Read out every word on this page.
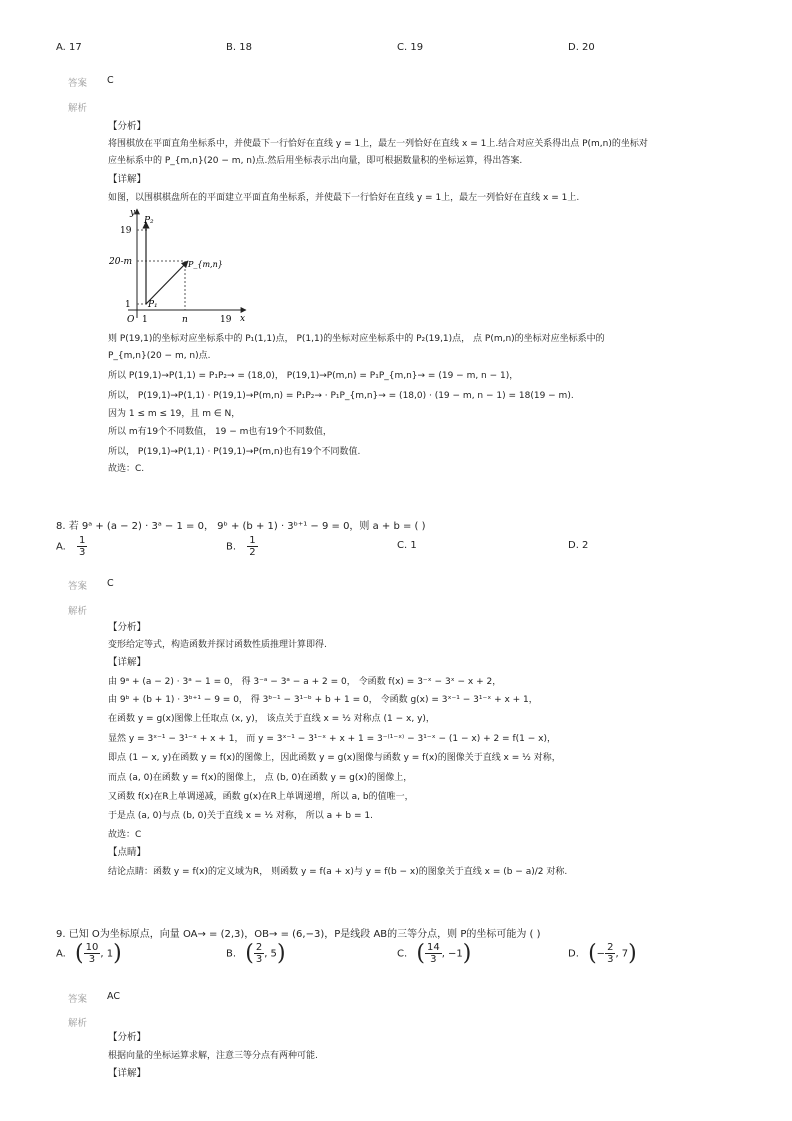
A. 17	B. 18	C. 19	D. 20
答案 C
解析
【分析】
将围棋放在平面直角坐标系中，并使最下一行恰好在直线 y = 1上，最左一列恰好在直线 x = 1上.结合对应关系得出点 P(m,n)的坐标对
应坐标系中的 P_{m,n}(20 − m, n)点.然后用坐标表示出向量，即可根据数量积的坐标运算，得出答案.
【详解】
如图，以围棋棋盘所在的平面建立平面直角坐标系，并使最下一行恰好在直线 y = 1上，最左一列恰好在直线 x = 1上.
y
x
O
19
20-m
1
1	n	19
P₂
P₁
P_{m,n}
则 P(19,1)的坐标对应坐标系中的 P₁(1,1)点， P(1,1)的坐标对应坐标系中的 P₂(19,1)点， 点 P(m,n)的坐标对应坐标系中的
P_{m,n}(20 − m, n)点.
所以 P(19,1)→P(1,1) = P₁P₂→ = (18,0)， P(19,1)→P(m,n) = P₁P_{m,n}→ = (19 − m, n − 1)，
所以， P(19,1)→P(1,1) · P(19,1)→P(m,n) = P₁P₂→ · P₁P_{m,n}→ = (18,0) · (19 − m, n − 1) = 18(19 − m).
因为 1 ≤ m ≤ 19，且 m ∈ N，
所以 m有19个不同数值， 19 − m也有19个不同数值，
所以， P(19,1)→P(1,1) · P(19,1)→P(m,n)也有19个不同数值.
故选：C.
8. 若 9ᵃ + (a − 2) · 3ᵃ − 1 = 0， 9ᵇ + (b + 1) · 3ᵇ⁺¹ − 9 = 0，则 a + b = ( )
A. $\frac{1}{3}$	B. $\frac{1}{2}$	C. 1	D. 2
答案 C
解析
【分析】
变形给定等式，构造函数并探讨函数性质推理计算即得.
【详解】
由 9ᵃ + (a − 2) · 3ᵃ − 1 = 0， 得 3⁻ᵃ − 3ᵃ − a + 2 = 0， 令函数 f(x) = 3⁻ˣ − 3ˣ − x + 2，
由 9ᵇ + (b + 1) · 3ᵇ⁺¹ − 9 = 0， 得 3ᵇ⁻¹ − 3¹⁻ᵇ + b + 1 = 0， 令函数 g(x) = 3ˣ⁻¹ − 3¹⁻ˣ + x + 1，
在函数 y = g(x)图像上任取点 (x, y)， 该点关于直线 x = ½ 对称点 (1 − x, y)，
显然 y = 3ˣ⁻¹ − 3¹⁻ˣ + x + 1， 而 y = 3ˣ⁻¹ − 3¹⁻ˣ + x + 1 = 3⁻⁽¹⁻ˣ⁾ − 3¹⁻ˣ − (1 − x) + 2 = f(1 − x)，
即点 (1 − x, y)在函数 y = f(x)的图像上，因此函数 y = g(x)图像与函数 y = f(x)的图像关于直线 x = ½ 对称，
而点 (a, 0)在函数 y = f(x)的图像上， 点 (b, 0)在函数 y = g(x)的图像上，
又函数 f(x)在R上单调递减，函数 g(x)在R上单调递增，所以 a, b的值唯一，
于是点 (a, 0)与点 (b, 0)关于直线 x = ½ 对称， 所以 a + b = 1.
故选：C
【点睛】
结论点睛：函数 y = f(x)的定义域为R， 则函数 y = f(a + x)与 y = f(b − x)的图象关于直线 x = (b − a)/2 对称.
9. 已知 O为坐标原点，向量 OA→ = (2,3)，OB→ = (6,−3)，P是线段 AB的三等分点，则 P的坐标可能为 ( )
A. ( $\frac{10}{3}$ , 1)	B. ( $\frac{2}{3}$ , 5)	C. ( $\frac{14}{3}$ , −1)	D. (− $\frac{2}{3}$ , 7)
答案 AC
解析
【分析】
根据向量的坐标运算求解，注意三等分点有两种可能.
【详解】
